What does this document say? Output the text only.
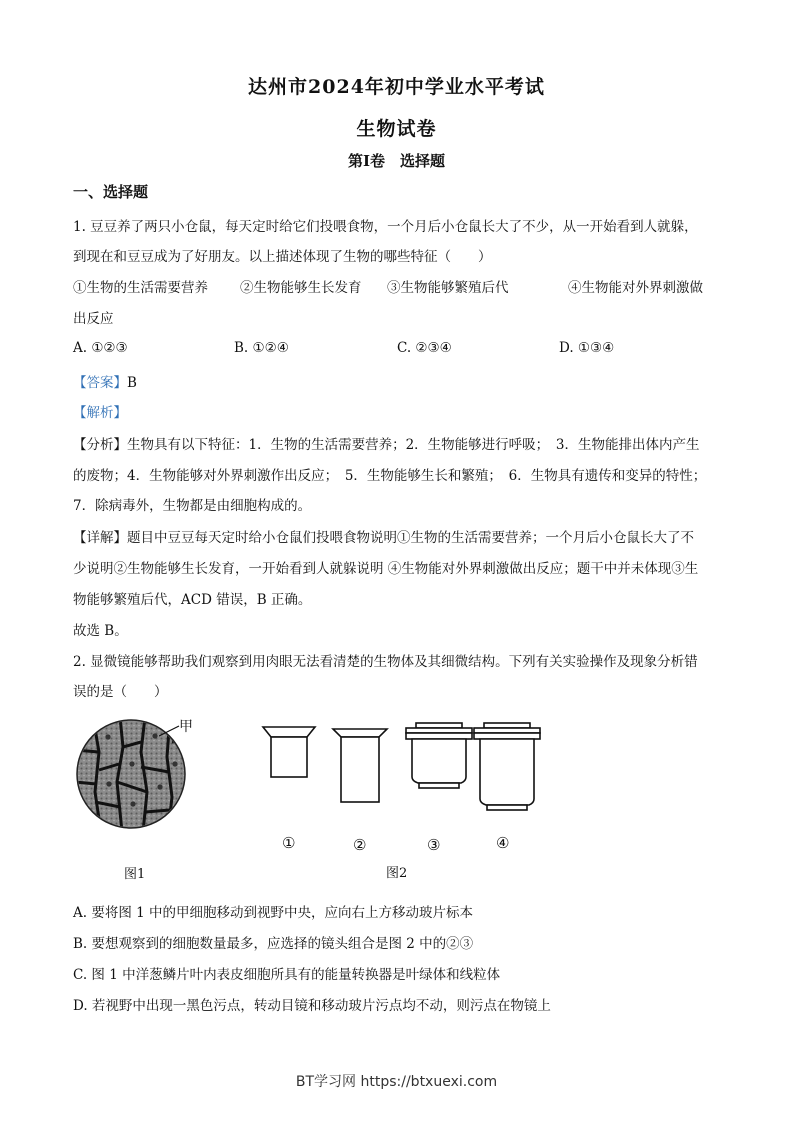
达州市2024年初中学业水平考试
生物试卷
第I卷　选择题
一、选择题
1. 豆豆养了两只小仓鼠，每天定时给它们投喂食物，一个月后小仓鼠长大了不少，从一开始看到人就躲，
到现在和豆豆成为了好朋友。以上描述体现了生物的哪些特征（　　）
①生物的生活需要营养 ②生物能够生长发育 ③生物能够繁殖后代	④生物能对外界刺激做
出反应
A. ①②③	B. ①②④	C. ②③④	D. ①③④
【答案】B
【解析】
【分析】生物具有以下特征：1．生物的生活需要营养；2．生物能够进行呼吸；　3．生物能排出体内产生
的废物；4．生物能够对外界刺激作出反应；　5．生物能够生长和繁殖；　6．生物具有遗传和变异的特性；
7．除病毒外，生物都是由细胞构成的。
【详解】题目中豆豆每天定时给小仓鼠们投喂食物说明①生物的生活需要营养；一个月后小仓鼠长大了不
少说明②生物能够生长发育，一开始看到人就躲说明 ④生物能对外界刺激做出反应；题干中并未体现③生
物能够繁殖后代，ACD 错误，B 正确。
故选 B。
2. 显微镜能够帮助我们观察到用肉眼无法看清楚的生物体及其细微结构。下列有关实验操作及现象分析错
误的是（　　）
甲
图1
①	②	③	④
图2
A. 要将图 1 中的甲细胞移动到视野中央，应向右上方移动玻片标本
B. 要想观察到的细胞数量最多，应选择的镜头组合是图 2 中的②③
C. 图 1 中洋葱鳞片叶内表皮细胞所具有的能量转换器是叶绿体和线粒体
D. 若视野中出现一黑色污点，转动目镜和移动玻片污点均不动，则污点在物镜上
BT学习网 https://btxuexi.com
